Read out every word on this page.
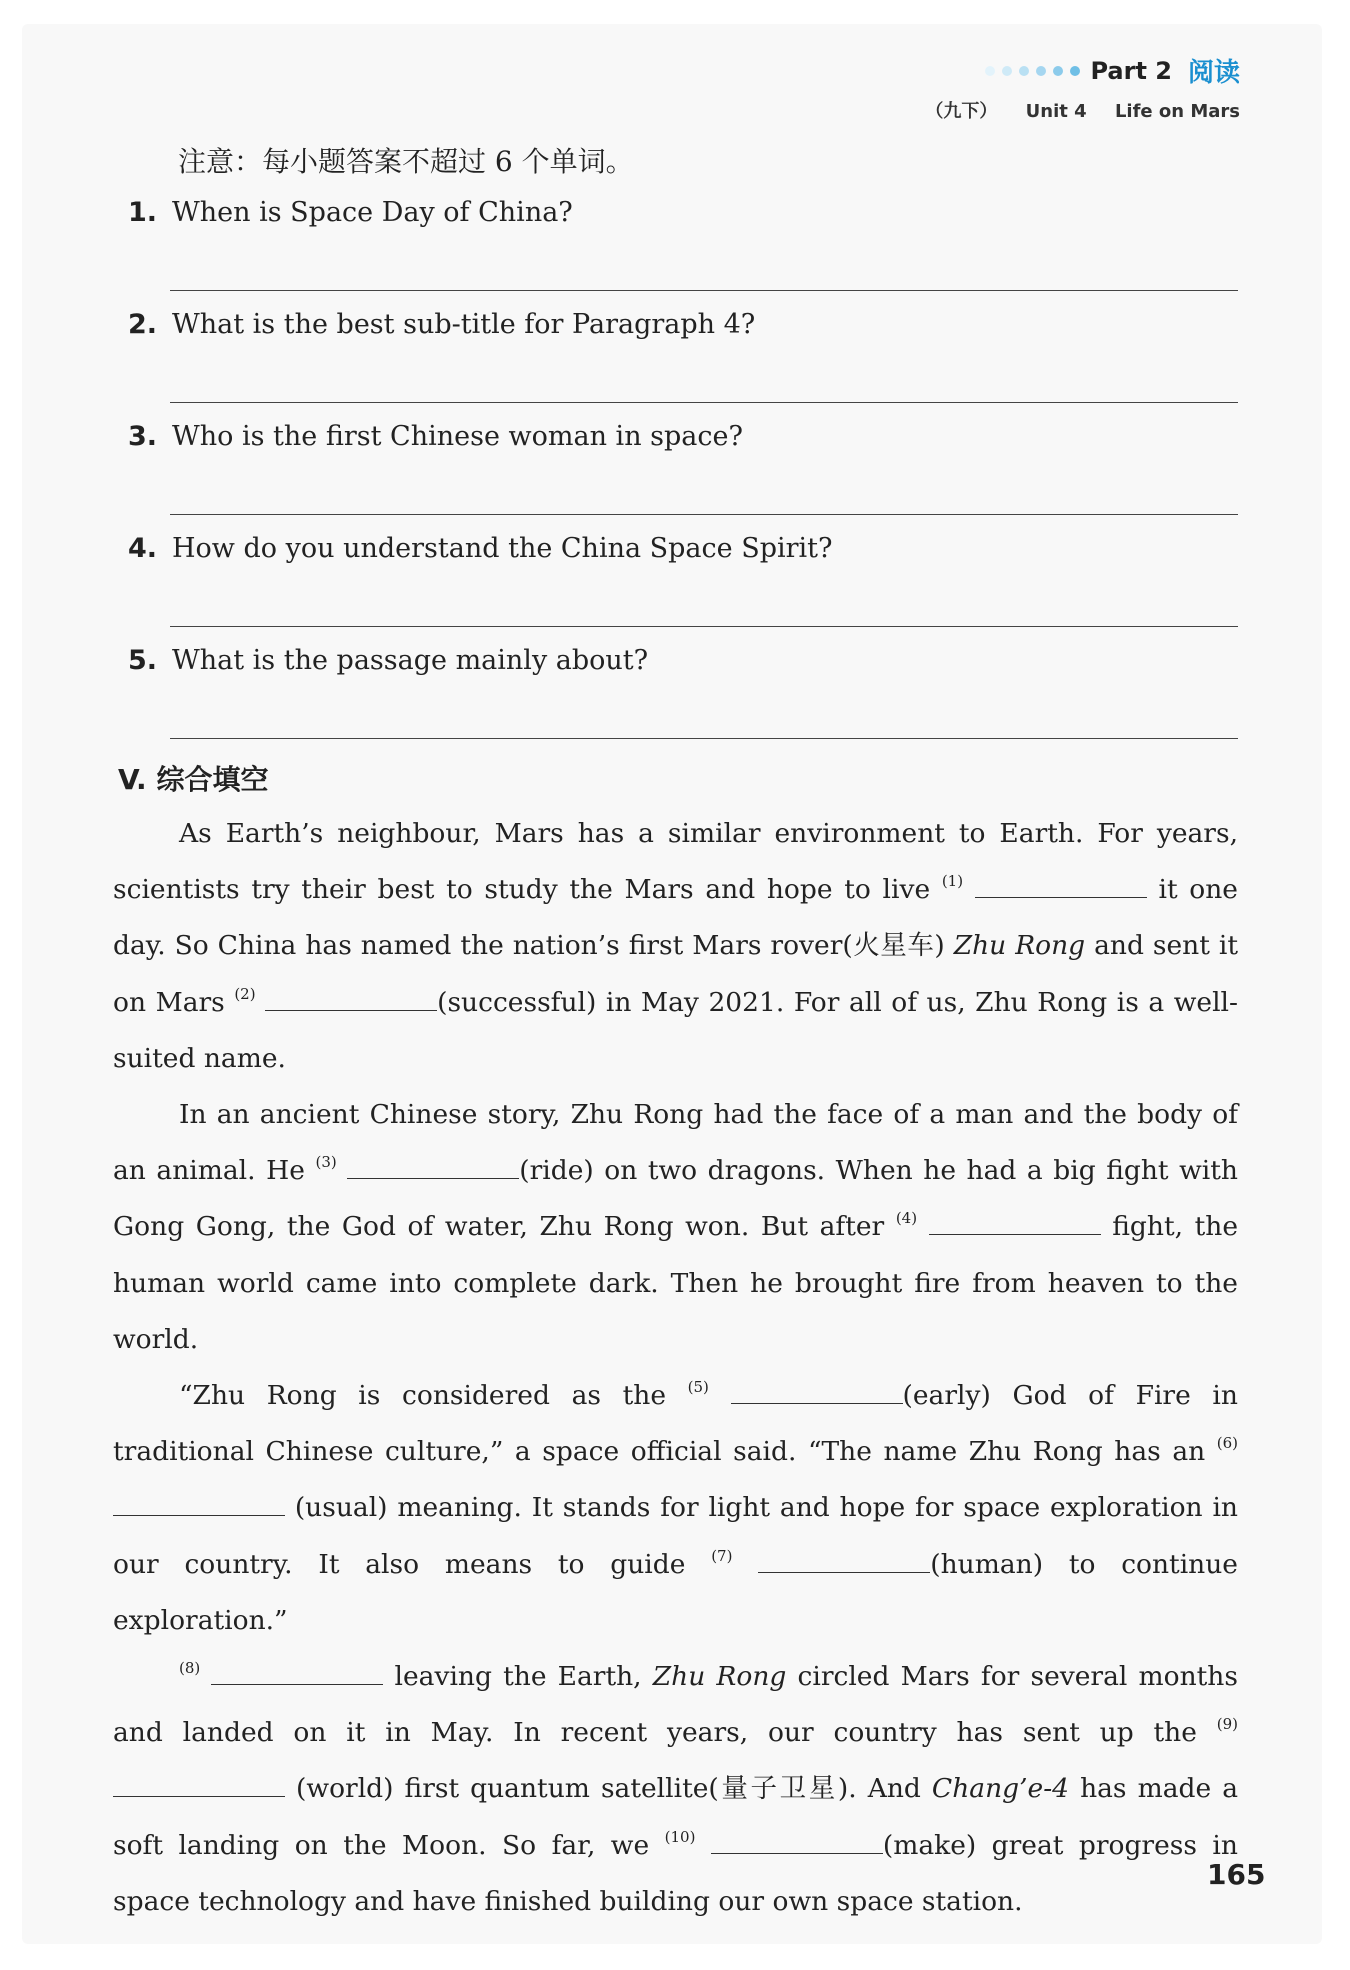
Part 2 阅读
（九下） Unit 4 Life on Mars
注意：每小题答案不超过 6 个单词。
1. When is Space Day of China?
2. What is the best sub-title for Paragraph 4?
3. Who is the first Chinese woman in space?
4. How do you understand the China Space Spirit?
5. What is the passage mainly about?
V. 综合填空

As Earth’s neighbour, Mars has a similar environment to Earth. For years, scientists try their best to study the Mars and hope to live $^{(1)}$	it one day. So China has named the nation’s first Mars rover(火星车) Zhu Rong and sent it on Mars $^{(2)}$	(successful) in May 2021. For all of us, Zhu Rong is a well-suited name.

In an ancient Chinese story, Zhu Rong had the face of a man and the body of an animal. He $^{(3)}$	(ride) on two dragons. When he had a big fight with Gong Gong, the God of water, Zhu Rong won. But after $^{(4)}$	fight, the human world came into complete dark. Then he brought fire from heaven to the world.

“Zhu Rong is considered as the $^{(5)}$	(early) God of Fire in traditional Chinese culture,” a space official said. “The name Zhu Rong has an $^{(6)}$  (usual) meaning. It stands for light and hope for space exploration in our country. It also means to guide $^{(7)}$	(human) to continue exploration.”

$^{(8)}$	leaving the Earth, Zhu Rong circled Mars for several months and landed on it in May. In recent years, our country has sent up the $^{(9)}$  (world) first quantum satellite(量子卫星). And Chang’e-4 has made a soft landing on the Moon. So far, we $^{(10)}$	(make) great progress in space technology and have finished building our own space station.

165
